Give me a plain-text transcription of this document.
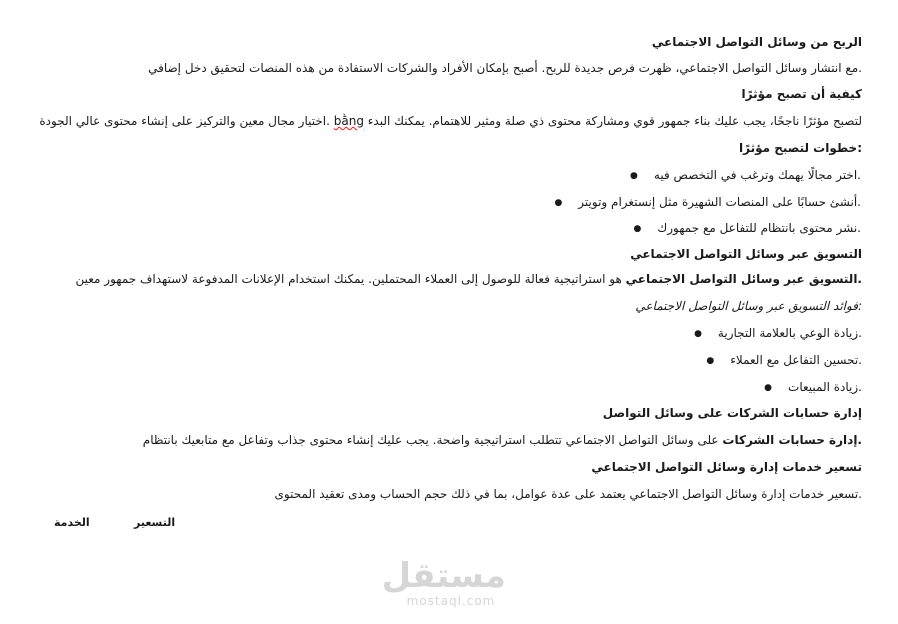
الربح من وسائل التواصل الاجتماعي
.مع انتشار وسائل التواصل الاجتماعي، ظهرت فرص جديدة للربح. أصبح بإمكان الأفراد والشركات الاستفادة من هذه المنصات لتحقيق دخل إضافي
كيفية أن تصبح مؤثرًا
لتصبح مؤثرًا ناجحًا، يجب عليك بناء جمهور قوي ومشاركة محتوى ذي صلة ومثير للاهتمام. يمكنك البدء bằng .اختيار مجال معين والتركيز على إنشاء محتوى عالي الجودة
:خطوات لتصبح مؤثرًا
.اختر مجالًا يهمك وترغب في التخصص فيه●
.أنشئ حسابًا على المنصات الشهيرة مثل إنستغرام وتويتر●
.نشر محتوى بانتظام للتفاعل مع جمهورك●
التسويق عبر وسائل التواصل الاجتماعي
.التسويق عبر وسائل التواصل الاجتماعي هو استراتيجية فعالة للوصول إلى العملاء المحتملين. يمكنك استخدام الإعلانات المدفوعة لاستهداف جمهور معين
:فوائد التسويق عبر وسائل التواصل الاجتماعي
.زيادة الوعي بالعلامة التجارية●
.تحسين التفاعل مع العملاء●
.زيادة المبيعات●
إدارة حسابات الشركات على وسائل التواصل
.إدارة حسابات الشركات على وسائل التواصل الاجتماعي تتطلب استراتيجية واضحة. يجب عليك إنشاء محتوى جذاب وتفاعل مع متابعيك بانتظام
تسعير خدمات إدارة وسائل التواصل الاجتماعي
.تسعير خدمات إدارة وسائل التواصل الاجتماعي يعتمد على عدة عوامل، بما في ذلك حجم الحساب ومدى تعقيد المحتوى
الخدمة	التسعير
مستقل
mostaql.com
